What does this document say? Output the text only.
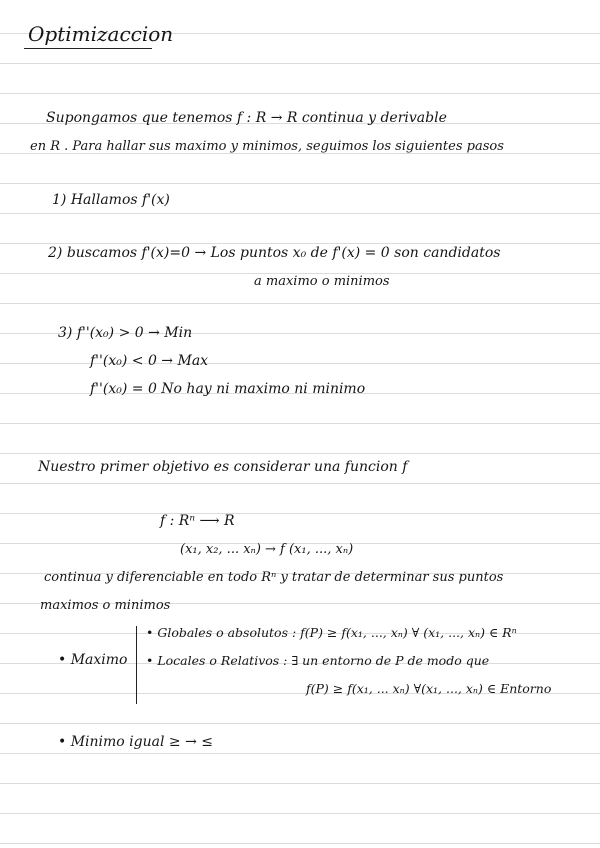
Optimizaccion
Supongamos que tenemos f : R → R continua y derivable
en R . Para hallar sus maximo y minimos, seguimos los siguientes pasos
1) Hallamos f'(x)
2) buscamos f'(x)=0 → Los puntos x₀ de f'(x) = 0 son candidatos
a maximo o minimos
3) f''(x₀) > 0 → Min
f''(x₀) < 0 → Max
f''(x₀) = 0 No hay ni maximo ni minimo
Nuestro primer objetivo es considerar una funcion f
f : Rⁿ ⟶ R
(x₁, x₂, ... xₙ) → f (x₁, ..., xₙ)
continua y diferenciable en todo Rⁿ y tratar de determinar sus puntos
maximos o minimos
• Maximo
• Globales o absolutos : f(P) ≥ f(x₁, ..., xₙ) ∀ (x₁, ..., xₙ) ∈ Rⁿ
• Locales o Relativos : ∃ un entorno de P de modo que
f(P) ≥ f(x₁, ... xₙ) ∀(x₁, ..., xₙ) ∈ Entorno
• Minimo igual ≥ → ≤
